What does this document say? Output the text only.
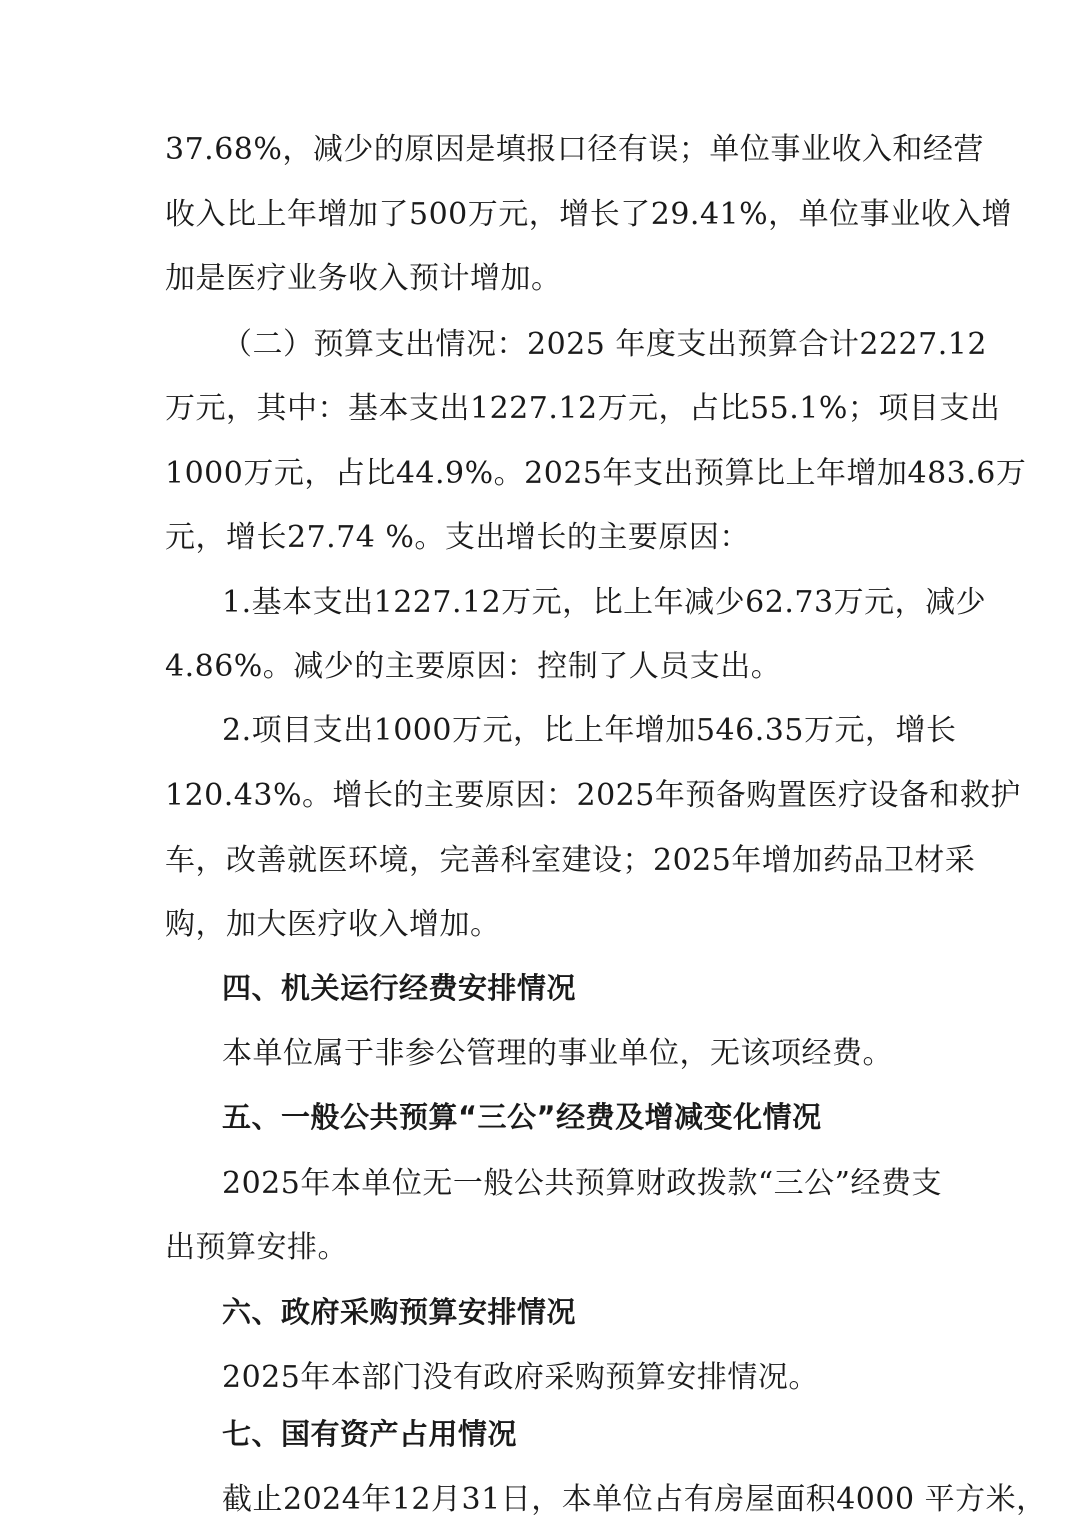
37.68%，减少的原因是填报口径有误；单位事业收入和经营
收入比上年增加了500万元，增长了29.41%，单位事业收入增
加是医疗业务收入预计增加。
（二）预算支出情况：2025 年度支出预算合计2227.12
万元，其中：基本支出1227.12万元，占比55.1%；项目支出
1000万元，占比44.9%。2025年支出预算比上年增加483.6万
元，增长27.74 %。支出增长的主要原因：
1.基本支出1227.12万元，比上年减少62.73万元，减少
4.86%。减少的主要原因：控制了人员支出。
2.项目支出1000万元，比上年增加546.35万元，增长
120.43%。增长的主要原因：2025年预备购置医疗设备和救护
车，改善就医环境，完善科室建设；2025年增加药品卫材采
购，加大医疗收入增加。
四、机关运行经费安排情况
本单位属于非参公管理的事业单位，无该项经费。
五、一般公共预算“三公”经费及增减变化情况
2025年本单位无一般公共预算财政拨款“三公”经费支
出预算安排。
六、政府采购预算安排情况
2025年本部门没有政府采购预算安排情况。
七、国有资产占用情况
截止2024年12月31日，本单位占有房屋面积4000 平方米，
